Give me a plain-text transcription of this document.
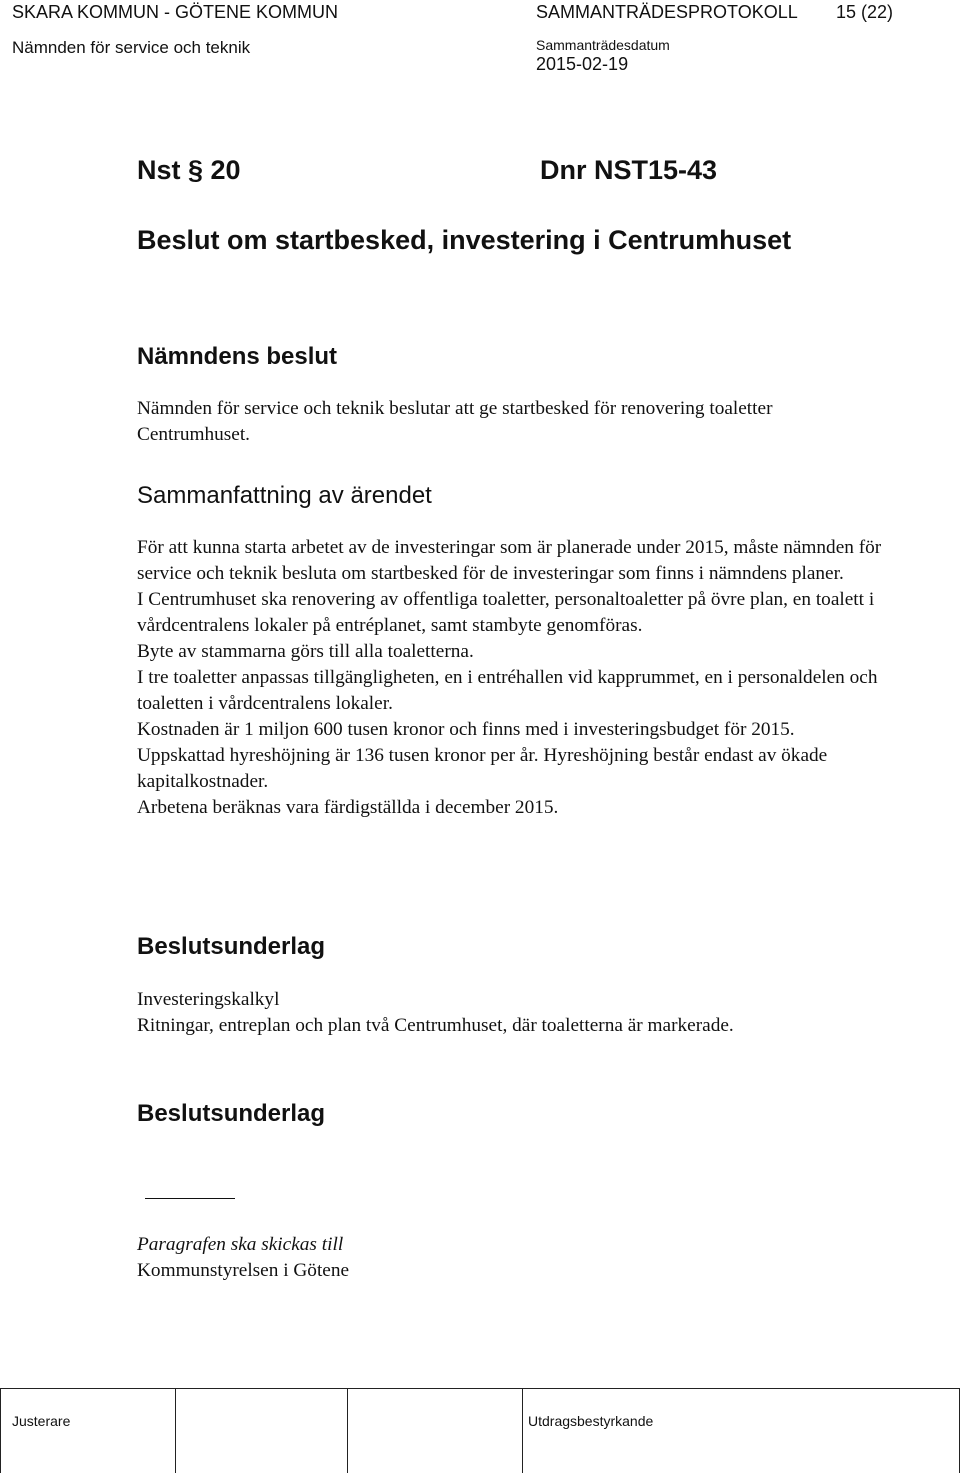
SKARA KOMMUN - GÖTENE KOMMUN	SAMMANTRÄDESPROTOKOLL 15 (22)
Nämnden för service och teknik	Sammanträdesdatum
2015-02-19
Nst § 20	Dnr NST15-43
Beslut om startbesked, investering i Centrumhuset
Nämndens beslut
Nämnden för service och teknik beslutar att ge startbesked för renovering toaletter Centrumhuset.
Sammanfattning av ärendet

För att kunna starta arbetet av de investeringar som är planerade under 2015, måste nämnden för service och teknik besluta om startbesked för de investeringar som finns i nämndens planer.

I Centrumhuset ska renovering av offentliga toaletter, personaltoaletter på övre plan, en toalett i vårdcentralens lokaler på entréplanet, samt stambyte genomföras.

Byte av stammarna görs till alla toaletterna.

I tre toaletter anpassas tillgängligheten, en i entréhallen vid kapprummet, en i personaldelen och toaletten i vårdcentralens lokaler.

Kostnaden är 1 miljon 600 tusen kronor och finns med i investeringsbudget för 2015.

Uppskattad hyreshöjning är 136 tusen kronor per år. Hyreshöjning består endast av ökade kapitalkostnader.

Arbetena beräknas vara färdigställda i december 2015.

Beslutsunderlag

Investeringskalkyl

Ritningar, entreplan och plan två Centrumhuset, där toaletterna är markerade.

Beslutsunderlag

Paragrafen ska skickas till

Kommunstyrelsen i Götene

Justerare	Utdragsbestyrkande
